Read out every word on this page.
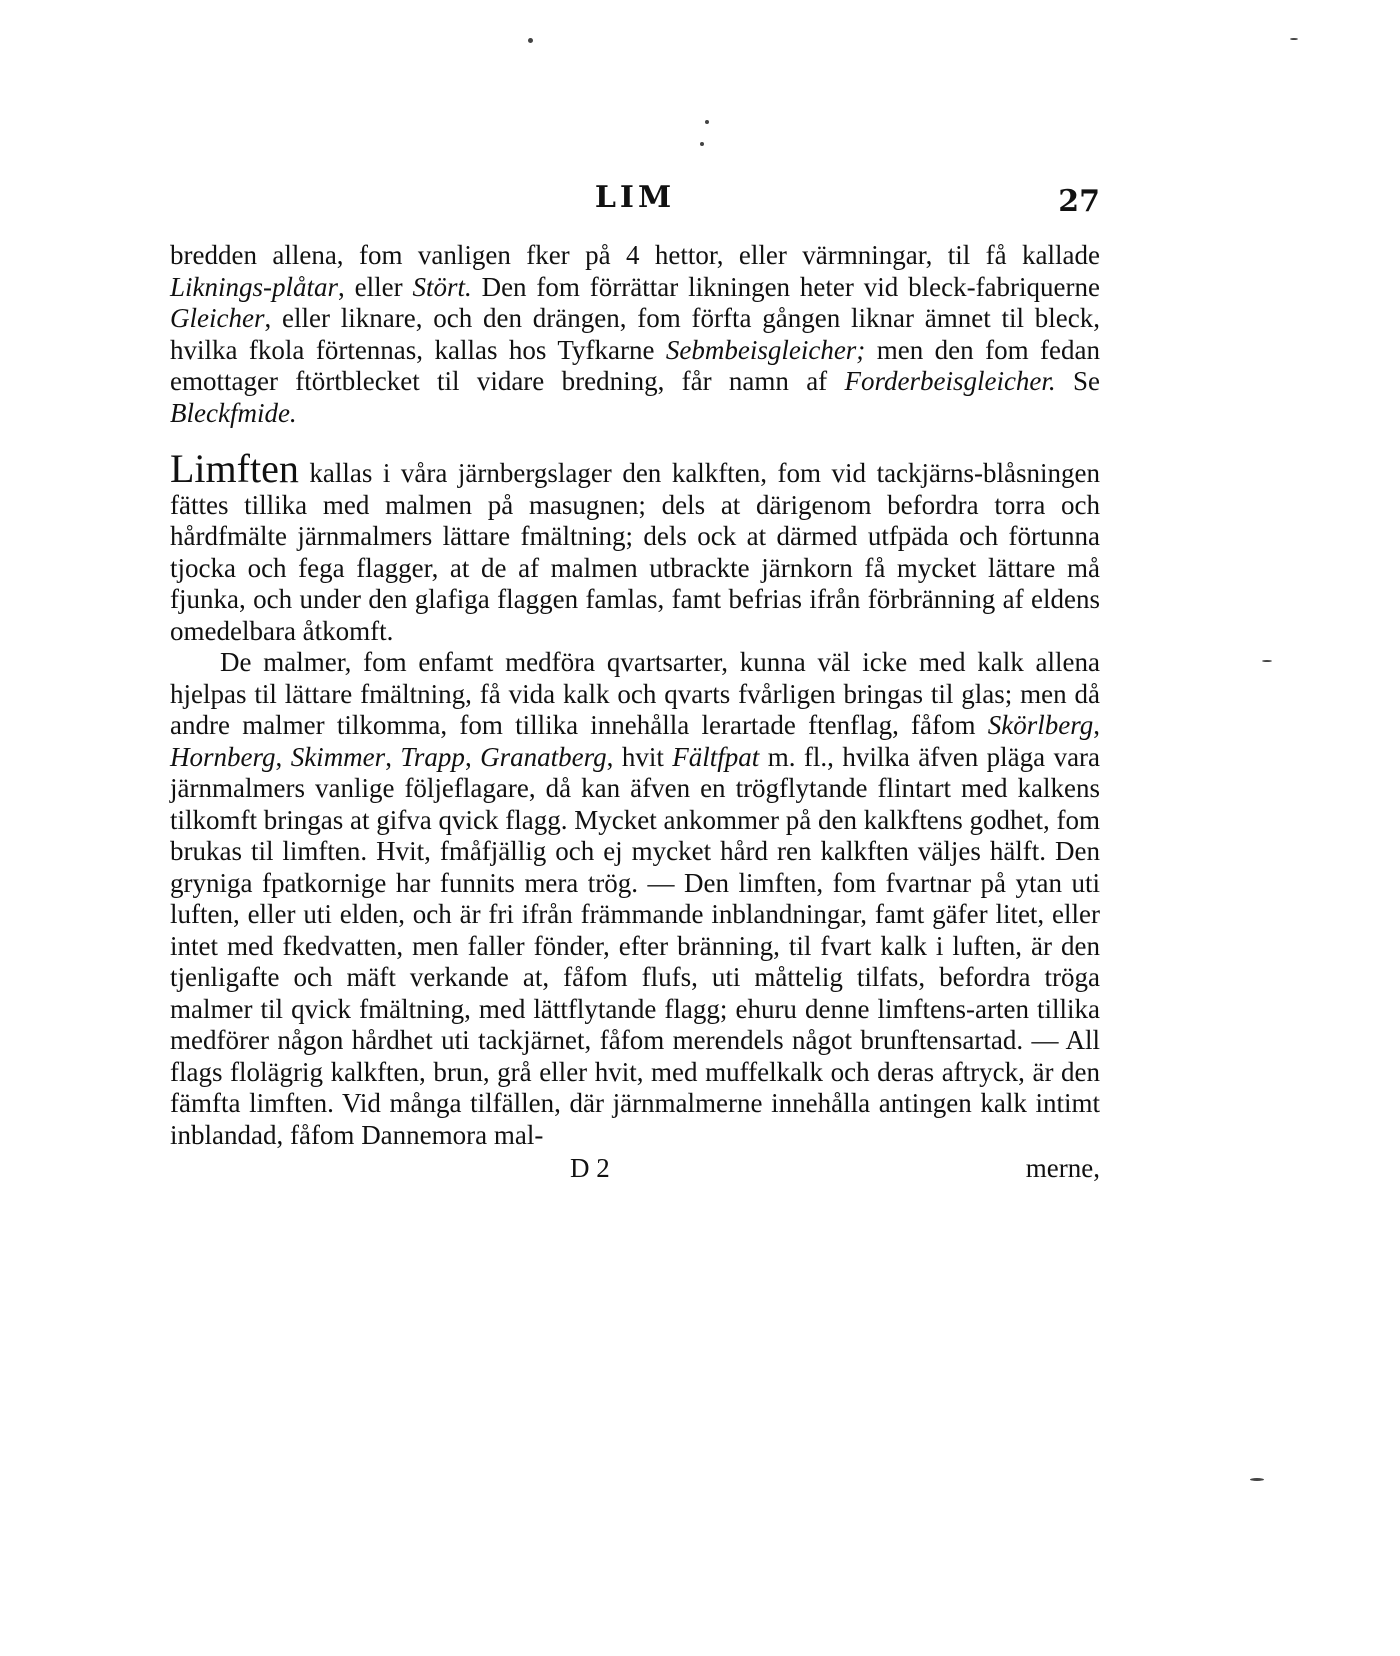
LIM	27

bredden allena, fom vanligen fker på 4 hettor, eller värmningar, til få kallade Liknings-plåtar, eller Stört. Den fom förrättar likningen heter vid bleck-fabriquerne Gleicher, eller liknare, och den drängen, fom förfta gången liknar ämnet til bleck, hvilka fkola förtennas, kallas hos Tyfkarne Sebmbeisgleicher; men den fom fedan emottager ftörtblecket til vidare bredning, får namn af Forderbeisgleicher. Se Bleckfmide.

Limften kallas i våra järnbergslager den kalkften, fom vid tackjärns-blåsningen fättes tillika med malmen på masugnen; dels at därigenom befordra torra och hårdfmälte järnmalmers lättare fmältning; dels ock at därmed utfpäda och förtunna tjocka och fega flagger, at de af malmen utbrackte järnkorn få mycket lättare må fjunka, och under den glafiga flaggen famlas, famt befrias ifrån förbränning af eldens omedelbara åtkomft.

De malmer, fom enfamt medföra qvartsarter, kunna väl icke med kalk allena hjelpas til lättare fmältning, få vida kalk och qvarts fvårligen bringas til glas; men då andre malmer tilkomma, fom tillika innehålla lerartade ftenflag, fåfom Skörlberg, Hornberg, Skimmer, Trapp, Granatberg, hvit Fältfpat m. fl., hvilka äfven pläga vara järnmalmers vanlige följeflagare, då kan äfven en trögflytande flintart med kalkens tilkomft bringas at gifva qvick flagg. Mycket ankommer på den kalkftens godhet, fom brukas til limften. Hvit, fmåfjällig och ej mycket hård ren kalkften väljes hälft. Den gryniga fpatkornige har funnits mera trög. — Den limften, fom fvartnar på ytan uti luften, eller uti elden, och är fri ifrån främmande inblandningar, famt gäfer litet, eller intet med fkedvatten, men faller fönder, efter bränning, til fvart kalk i luften, är den tjenligafte och mäft verkande at, fåfom flufs, uti måttelig tilfats, befordra tröga malmer til qvick fmältning, med lättflytande flagg; ehuru denne limftens-arten tillika medförer någon hårdhet uti tackjärnet, fåfom merendels något brunftensartad. — All flags flolägrig kalkften, brun, grå eller hvit, med muffelkalk och deras aftryck, är den fämfta limften. Vid många tilfällen, där järnmalmerne innehålla antingen kalk intimt inblandad, fåfom Dannemora mal-

D 2	merne,
